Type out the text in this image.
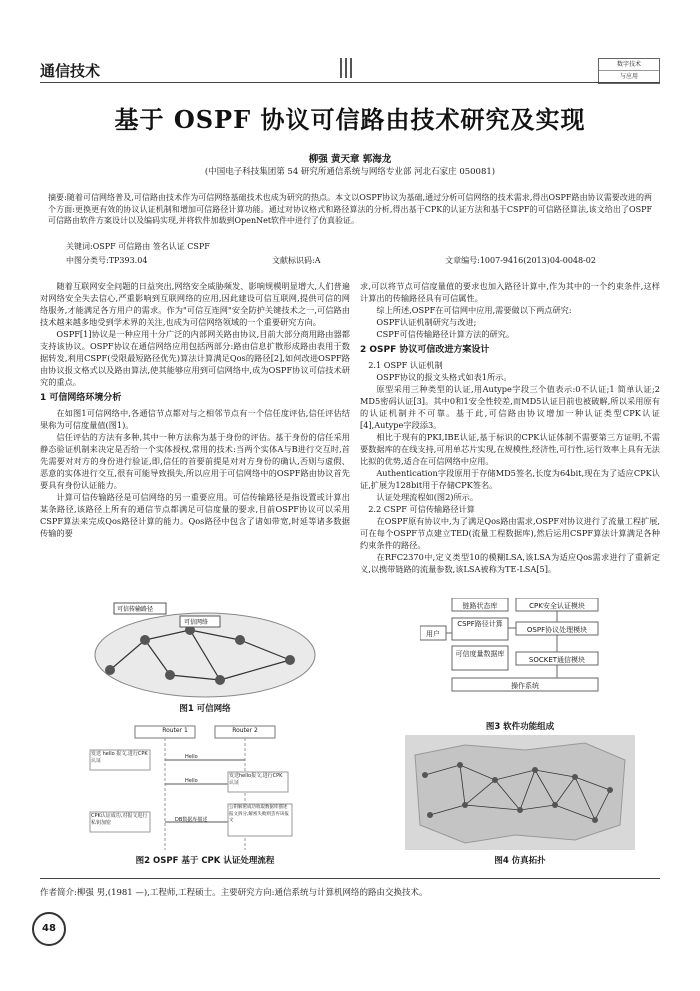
通信技术	数字技术
与应用
基于 OSPF 协议可信路由技术研究及实现
柳强 黄天章 郭海龙
(中国电子科技集团第 54 研究所通信系统与网络专业部 河北石家庄 050081)
摘要:随着可信网络普及,可信路由技术作为可信网络基础技术也成为研究的热点。本文以OSPF协议为基础,通过分析可信网络的技术需求,得出OSPF路由协议需要改进的两个方面:更换更有效的协议认证机制和增加可信路径计算功能。通过对协议格式和路径算法的分析,得出基于CPK的认证方法和基于CSPF的可信路径算法,该文给出了OSPF可信路由软件方案设计以及编码实现,并将软件加载到OpenNet软件中进行了仿真验证。
关键词:OSPF 可信路由 签名认证 CSPF
中图分类号:TP393.04	文献标识码:A	文章编号:1007-9416(2013)04-0048-02

随着互联网安全问题的日益突出,网络安全威胁频发、影响规模明显增大,人们普遍对网络安全失去信心,严重影响到互联网络的应用,因此建设可信互联网,提供可信的网络服务,才能满足各方用户的需求。作为"可信互连网"安全防护关键技术之一,可信路由技术越来越多地受到学术界的关注,也成为可信网络领域的一个重要研究方向。

OSPF[1]协议是一种应用十分广泛的内部网关路由协议,目前大部分商用路由器都支持该协议。OSPF协议在通信网络应用包括两部分:路由信息扩散形成路由表用于数据转发,利用CSPF(受限最短路径优先)算法计算满足Qos的路径[2],如何改进OSPF路由协议报文格式以及路由算法,使其能够应用到可信网络中,成为OSPF协议可信技术研究的重点。

1 可信网络环境分析

在如图1可信网络中,各通信节点都对与之相邻节点有一个信任度评估,信任评估结果称为可信度量值(图1)。

信任评估的方法有多种,其中一种方法称为基于身份的评估。基于身份的信任采用静态验证机制来决定是否给一个实体授权,常用的技术:当两个实体A与B进行交互时,首先需要对对方的身份进行验证,即,信任的首要前提是对对方身份的确认,否则与虚假、恶意的实体进行交互,很有可能导致损失,所以应用于可信网络中的OSPF路由协议首先要具有身份认证能力。

计算可信传输路径是可信网络的另一重要应用。可信传输路径是指设置或计算出某条路径,该路径上所有的通信节点都满足可信度量的要求,目前OSPF协议可以采用CSPF算法来完成Qos路径计算的能力。Qos路径中包含了诸如带宽,时延等诸多数据传输的要

可信传输路径
可信网络
图1 可信网络
Router 1	Router 2
发送 hello 报文,进行CPK认证
Hello
Hello
发送hello报文,进行CPK认证
CPK认证成功,对报文进行私钥加密	DB数据库描述
公钥解密成功收取数据库描述报文拆分,解密失败则丢弃该报文
图2 OSPF 基于 CPK 认证处理流程

求,可以将节点可信度量值的要求也加入路径计算中,作为其中的一个约束条件,这样计算出的传输路径具有可信属性。

综上所述,OSPF在可信网中应用,需要做以下两点研究:

OSPF认证机制研究与改进;

CSPF可信传输路径计算方法的研究。

2 OSPF 协议可信改进方案设计

2.1 OSPF 认证机制

OSPF协议的报文头格式如表1所示。

原型采用三种类型的认证,用Autype字段三个值表示:0不认证;1 简单认证;2 MD5密码认证[3]。其中0和1安全性较差,而MD5认证目前也被破解,所以采用原有的认证机制并不可靠。基于此,可信路由协议增加一种认证类型CPK认证[4],Autype字段添3。

相比于现有的PKI,IBE认证,基于标识的CPK认证体制不需要第三方证明,不需要数据库的在线支持,可用单芯片实现,在规模性,经济性,可行性,运行效率上具有无法比拟的优势,适合在可信网络中应用。

Authentication字段原用于存储MD5签名,长度为64bit,现在为了适应CPK认证,扩展为128bit用于存储CPK签名。

认证处理流程如(图2)所示。

2.2 CSPF 可信传输路径计算

在OSPF原有协议中,为了满足Qos路由需求,OSPF对协议进行了流量工程扩展,可在每个OSPF节点建立TED(流量工程数据库),然后运用CSPF算法计算满足各种约束条件的路径。

在RFC2370中,定义类型10的模糊LSA,该LSA为适应Qos需求进行了重新定义,以携带链路的流量参数,该LSA被称为TE-LSA[5]。

链路状态库	CPK安全认证模块
用户
CSPF路径计算
OSPF协议处理模块
可信度量数据库
SOCKET通信模块
操作系统
图3 软件功能组成
图4 仿真拓扑
作者简介:柳强 男,(1981 —),工程师,工程硕士。主要研究方向:通信系统与计算机网络的路由交换技术。
48
